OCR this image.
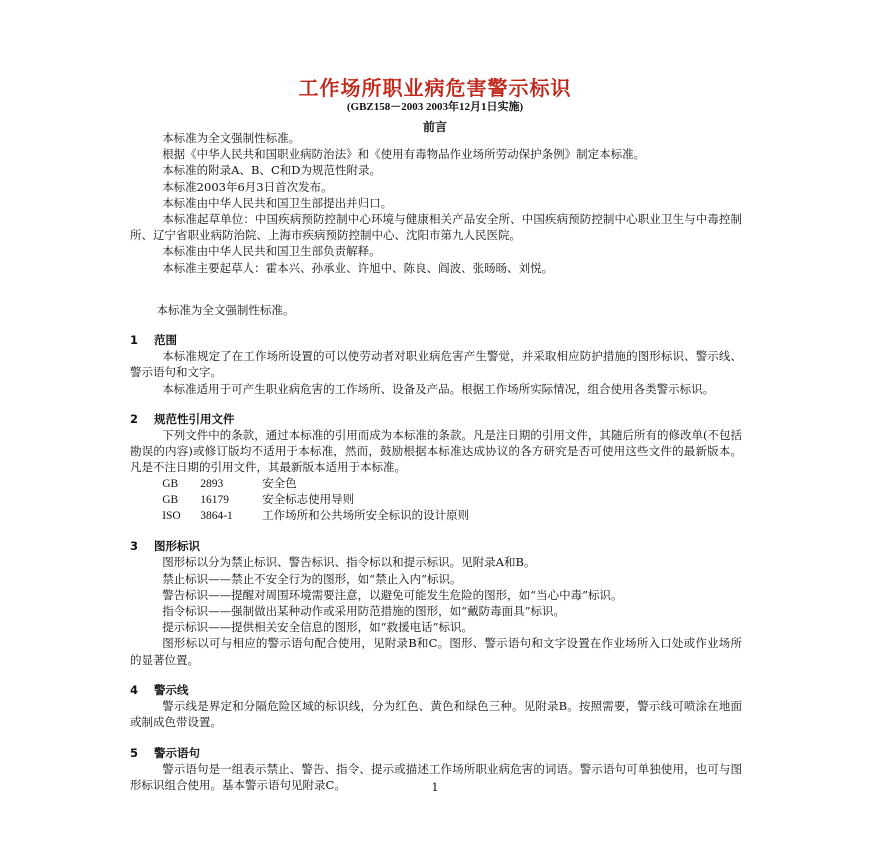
工作场所职业病危害警示标识
(GBZ158－2003 2003年12月1日实施)
前言

本标准为全文强制性标准。

根据《中华人民共和国职业病防治法》和《使用有毒物品作业场所劳动保护条例》制定本标准。

本标准的附录A、B、C和D为规范性附录。

本标准2003年6月3日首次发布。

本标准由中华人民共和国卫生部提出并归口。

本标准起草单位：中国疾病预防控制中心环境与健康相关产品安全所、中国疾病预防控制中心职业卫生与中毒控制所、辽宁省职业病防治院、上海市疾病预防控制中心、沈阳市第九人民医院。

本标准由中华人民共和国卫生部负责解释。

本标准主要起草人：霍本兴、孙承业、许旭中、陈良、阎波、张旸旸、刘悦。

本标准为全文强制性标准。

1 范围

本标准规定了在工作场所设置的可以使劳动者对职业病危害产生警觉，并采取相应防护措施的图形标识、警示线、警示语句和文字。

本标准适用于可产生职业病危害的工作场所、设备及产品。根据工作场所实际情况，组合使用各类警示标识。

2 规范性引用文件

下列文件中的条款，通过本标准的引用而成为本标准的条款。凡是注日期的引用文件，其随后所有的修改单(不包括勘误的内容)或修订版均不适用于本标准，然而，鼓励根据本标准达成协议的各方研究是否可使用这些文件的最新版本。凡是不注日期的引用文件，其最新版本适用于本标准。

GB 2893	安全色

GB 16179	安全标志使用导则

ISO 3864-1	工作场所和公共场所安全标识的设计原则

3 图形标识

图形标以分为禁止标识、警告标识、指令标以和提示标识。见附录A和B。

禁止标识——禁止不安全行为的图形，如“禁止入内”标识。

警告标识——提醒对周围环境需要注意，以避免可能发生危险的图形，如“当心中毒”标识。

指令标识——强制做出某种动作或采用防范措施的图形，如“戴防毒面具”标识。

提示标识——提供相关安全信息的图形，如“救援电话”标识。

图形标以可与相应的警示语句配合使用，见附录B和C。图形、警示语句和文字设置在作业场所入口处或作业场所的显著位置。

4 警示线

警示线是界定和分隔危险区域的标识线，分为红色、黄色和绿色三种。见附录B。按照需要，警示线可喷涂在地面或制成色带设置。

5 警示语句

警示语句是一组表示禁止、警告、指令、提示或描述工作场所职业病危害的词语。警示语句可单独使用，也可与图形标识组合使用。基本警示语句见附录C。	1
